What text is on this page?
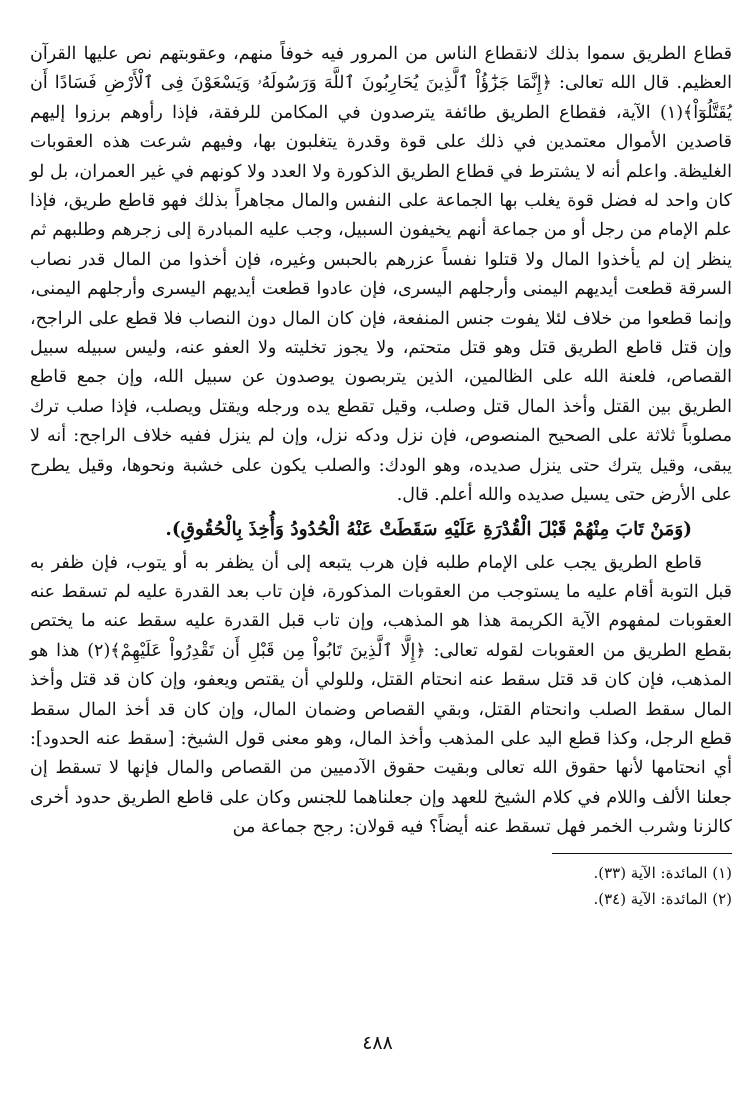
قطاع الطريق سموا بذلك لانقطاع الناس من المرور فيه خوفاً منهم، وعقوبتهم نص عليها القرآن العظيم. قال الله تعالى: ﴿إِنَّمَا جَزَٰٓؤُاْ ٱلَّذِينَ يُحَارِبُونَ ٱللَّهَ وَرَسُولَهُۥ وَيَسْعَوْنَ فِى ٱلْأَرْضِ فَسَادًا أَن يُقَتَّلُوٓاْ﴾(١) الآية، فقطاع الطريق طائفة يترصدون في المكامن للرفقة، فإذا رأوهم برزوا إليهم قاصدين الأموال معتمدين في ذلك على قوة وقدرة يتغلبون بها، وفيهم شرعت هذه العقوبات الغليظة. واعلم أنه لا يشترط في قطاع الطريق الذكورة ولا العدد ولا كونهم في غير العمران، بل لو كان واحد له فضل قوة يغلب بها الجماعة على النفس والمال مجاهراً بذلك فهو قاطع طريق، فإذا علم الإمام من رجل أو من جماعة أنهم يخيفون السبيل، وجب عليه المبادرة إلى زجرهم وطلبهم ثم ينظر إن لم يأخذوا المال ولا قتلوا نفساً عزرهم بالحبس وغيره، فإن أخذوا من المال قدر نصاب السرقة قطعت أيديهم اليمنى وأرجلهم اليسرى، فإن عادوا قطعت أيديهم اليسرى وأرجلهم اليمنى، وإنما قطعوا من خلاف لئلا يفوت جنس المنفعة، فإن كان المال دون النصاب فلا قطع على الراجح، وإن قتل قاطع الطريق قتل وهو قتل متحتم، ولا يجوز تخليته ولا العفو عنه، وليس سبيله سبيل القصاص، فلعنة الله على الظالمين، الذين يتربصون يوصدون عن سبيل الله، وإن جمع قاطع الطريق بين القتل وأخذ المال قتل وصلب، وقيل تقطع يده ورجله ويقتل ويصلب، فإذا صلب ترك مصلوباً ثلاثة على الصحيح المنصوص، فإن نزل ودكه نزل، وإن لم ينزل ففيه خلاف الراجح: أنه لا يبقى، وقيل يترك حتى ينزل صديده، وهو الودك: والصلب يكون على خشبة ونحوها، وقيل يطرح على الأرض حتى يسيل صديده والله أعلم. قال.

(وَمَنْ تَابَ مِنْهُمْ قَبْلَ الْقُدْرَةِ عَلَيْهِ سَقَطَتْ عَنْهُ الْحُدُودُ وَأُخِذَ بِالْحُقُوقِ).

قاطع الطريق يجب على الإمام طلبه فإن هرب يتبعه إلى أن يظفر به أو يتوب، فإن ظفر به قبل التوبة أقام عليه ما يستوجب من العقوبات المذكورة، فإن تاب بعد القدرة عليه لم تسقط عنه العقوبات لمفهوم الآية الكريمة هذا هو المذهب، وإن تاب قبل القدرة عليه سقط عنه ما يختص بقطع الطريق من العقوبات لقوله تعالى: ﴿إِلَّا ٱلَّذِينَ تَابُواْ مِن قَبْلِ أَن تَقْدِرُواْ عَلَيْهِمْ﴾(٢) هذا هو المذهب، فإن كان قد قتل سقط عنه انحتام القتل، وللولي أن يقتص ويعفو، وإن كان قد قتل وأخذ المال سقط الصلب وانحتام القتل، وبقي القصاص وضمان المال، وإن كان قد أخذ المال سقط قطع الرجل، وكذا قطع اليد على المذهب وأخذ المال، وهو معنى قول الشيخ: [سقط عنه الحدود]: أي انحتامها لأنها حقوق الله تعالى وبقيت حقوق الآدميين من القصاص والمال فإنها لا تسقط إن جعلنا الألف واللام في كلام الشيخ للعهد وإن جعلناهما للجنس وكان على قاطع الطريق حدود أخرى كالزنا وشرب الخمر فهل تسقط عنه أيضاً؟ فيه قولان: رجح جماعة من

(١) المائدة: الآية (٣٣).

(٢) المائدة: الآية (٣٤).

٤٨٨
